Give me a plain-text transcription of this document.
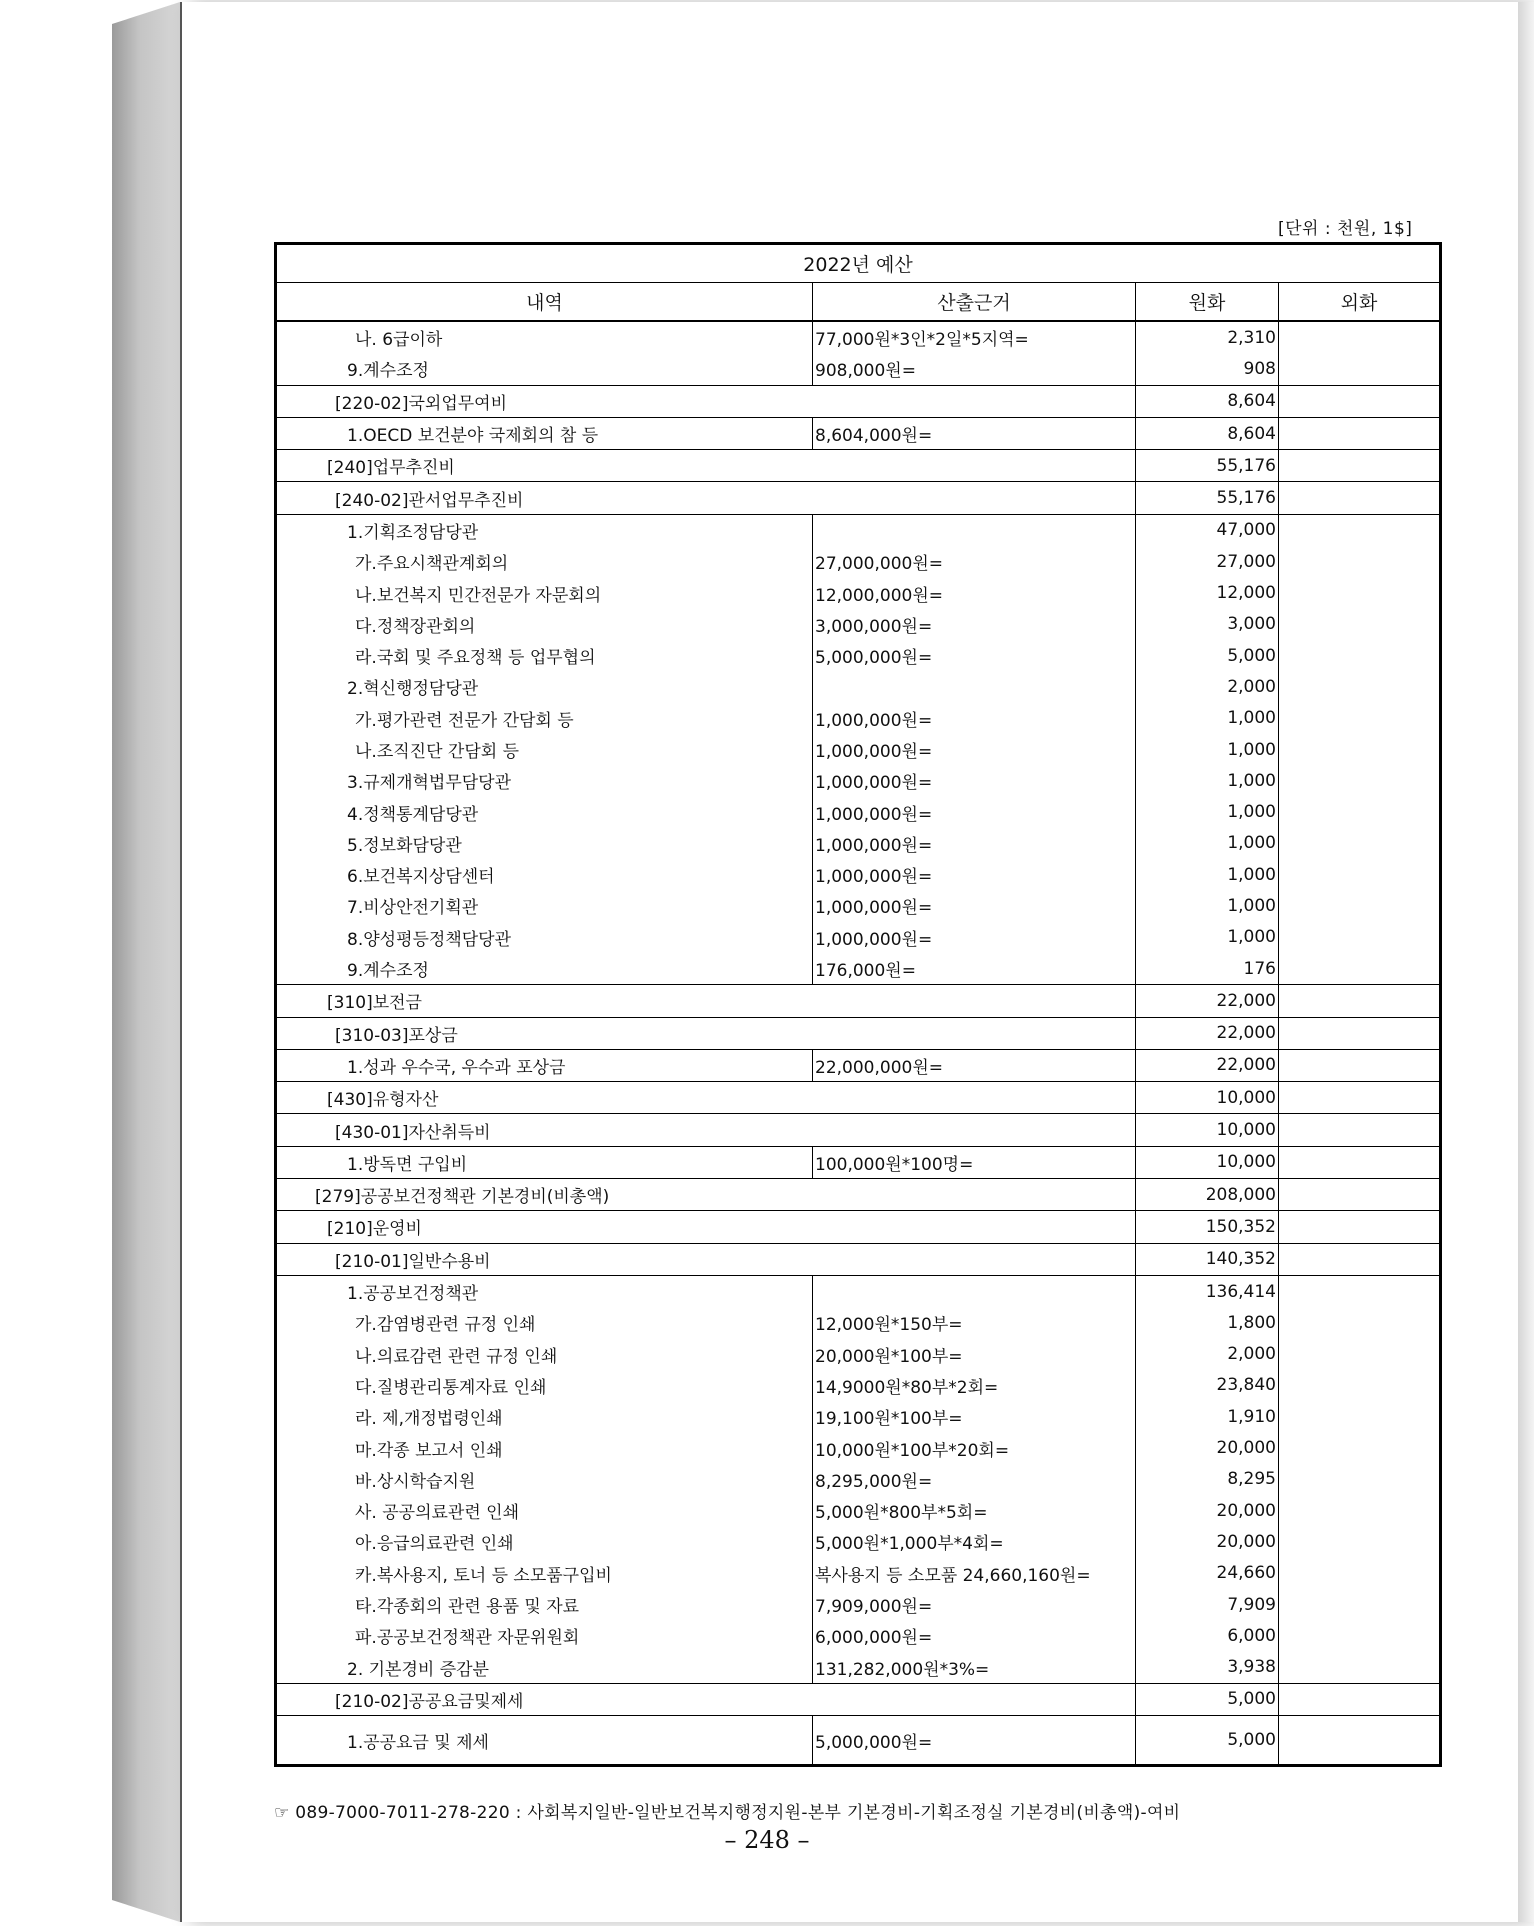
[단위 : 천원, 1$]
2022년 예산			
내역	산출근거	원화	외화
나. 6급이하	77,000원*3인*2일*5지역=	2,310	
9.계수조정	908,000원=	908	
[220-02]국외업무여비		8,604	
1.OECD 보건분야 국제회의 참 등	8,604,000원=	8,604	
[240]업무추진비		55,176	
[240-02]관서업무추진비		55,176	
1.기획조정담당관		47,000	
가.주요시책관계회의	27,000,000원=	27,000	
나.보건복지 민간전문가 자문회의	12,000,000원=	12,000	
다.정책장관회의	3,000,000원=	3,000	
라.국회 및 주요정책 등 업무협의	5,000,000원=	5,000	
2.혁신행정담당관		2,000	
가.평가관련 전문가 간담회 등	1,000,000원=	1,000	
나.조직진단 간담회 등	1,000,000원=	1,000	
3.규제개혁법무담당관	1,000,000원=	1,000	
4.정책통계담당관	1,000,000원=	1,000	
5.정보화담당관	1,000,000원=	1,000	
6.보건복지상담센터	1,000,000원=	1,000	
7.비상안전기획관	1,000,000원=	1,000	
8.양성평등정책담당관	1,000,000원=	1,000	
9.계수조정	176,000원=	176	
[310]보전금		22,000	
[310-03]포상금		22,000	
1.성과 우수국, 우수과 포상금	22,000,000원=	22,000	
[430]유형자산		10,000	
[430-01]자산취득비		10,000	
1.방독면 구입비	100,000원*100명=	10,000	
[279]공공보건정책관 기본경비(비총액)		208,000	
[210]운영비		150,352	
[210-01]일반수용비		140,352	
1.공공보건정책관		136,414	
가.감염병관련 규정 인쇄	12,000원*150부=	1,800	
나.의료감련 관련 규정 인쇄	20,000원*100부=	2,000	
다.질병관리통계자료 인쇄	14,9000원*80부*2회=	23,840	
라. 제,개정법령인쇄	19,100원*100부=	1,910	
마.각종 보고서 인쇄	10,000원*100부*20회=	20,000	
바.상시학습지원	8,295,000원=	8,295	
사. 공공의료관련 인쇄	5,000원*800부*5회=	20,000	
아.응급의료관련 인쇄	5,000원*1,000부*4회=	20,000	
카.복사용지, 토너 등 소모품구입비	복사용지 등 소모품 24,660,160원=	24,660	
타.각종회의 관련 용품 및 자료	7,909,000원=	7,909	
파.공공보건정책관 자문위원회	6,000,000원=	6,000	
2. 기본경비 증감분	131,282,000원*3%=	3,938	
[210-02]공공요금및제세		5,000	
1.공공요금 및 제세	5,000,000원=	5,000	
☞ 089-7000-7011-278-220 : 사회복지일반-일반보건복지행정지원-본부 기본경비-기획조정실 기본경비(비총액)-여비
– 248 –
